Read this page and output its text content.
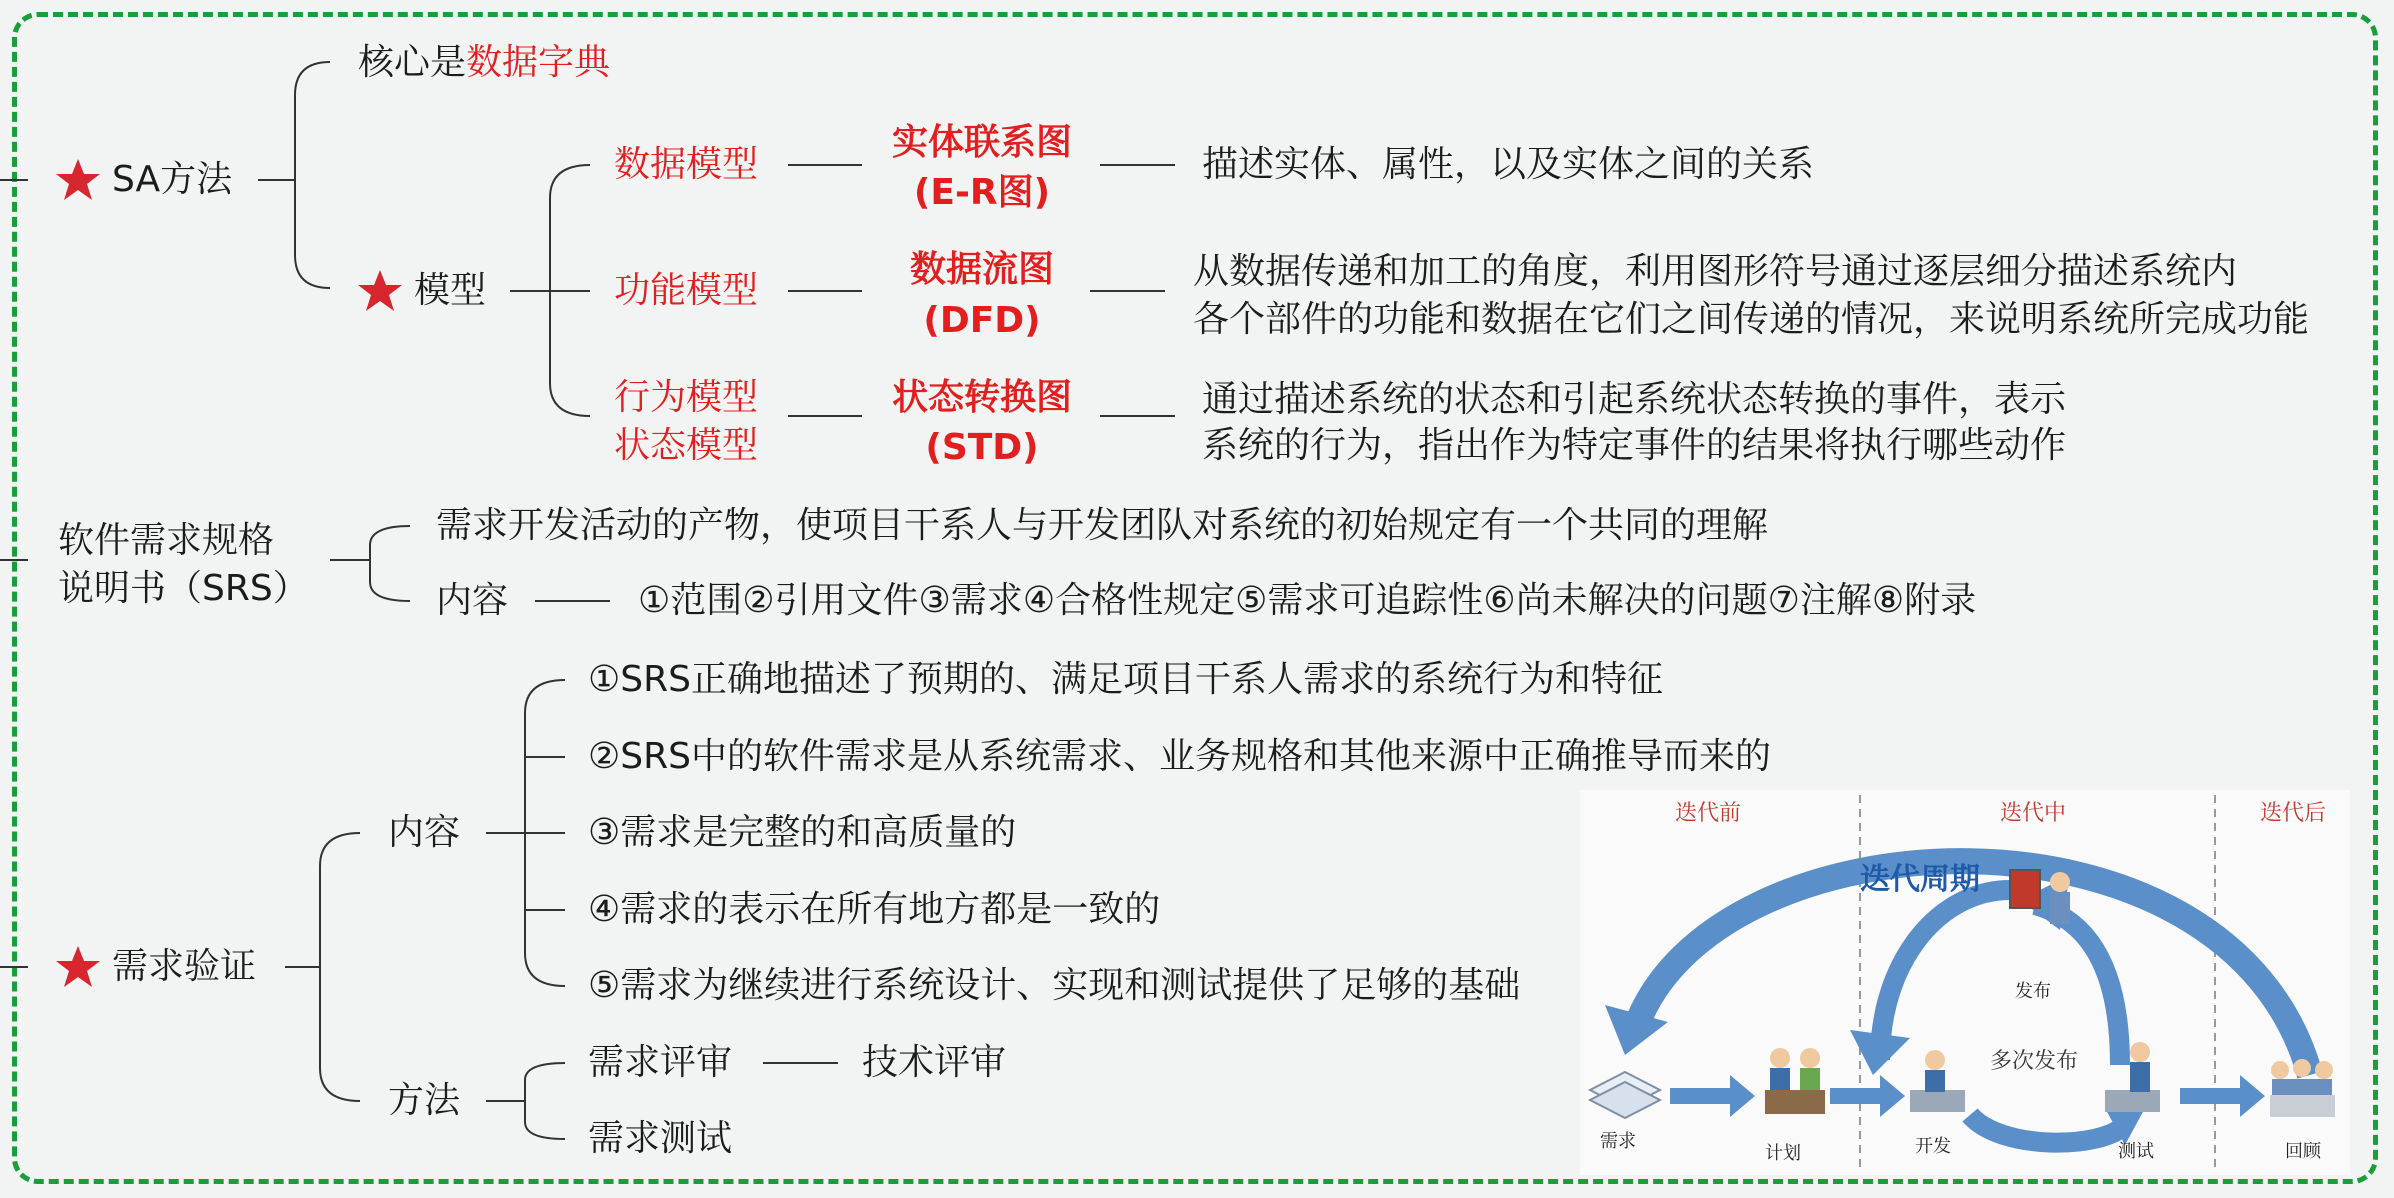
SA方法
核心是数据字典
模型
数据模型
实体联系图
(E-R图)
描述实体、属性，以及实体之间的关系
功能模型
数据流图
(DFD)
从数据传递和加工的角度，利用图形符号通过逐层细分描述系统内
各个部件的功能和数据在它们之间传递的情况，来说明系统所完成功能
行为模型
状态模型
状态转换图
(STD)
通过描述系统的状态和引起系统状态转换的事件，表示
系统的行为，指出作为特定事件的结果将执行哪些动作
软件需求规格
说明书（SRS）
需求开发活动的产物，使项目干系人与开发团队对系统的初始规定有一个共同的理解
内容	①范围②引用文件③需求④合格性规定⑤需求可追踪性⑥尚未解决的问题⑦注解⑧附录
需求验证
内容
①SRS正确地描述了预期的、满足项目干系人需求的系统行为和特征
②SRS中的软件需求是从系统需求、业务规格和其他来源中正确推导而来的
③需求是完整的和高质量的
④需求的表示在所有地方都是一致的
⑤需求为继续进行系统设计、实现和测试提供了足够的基础
方法
需求评审	技术评审
需求测试
迭代前	迭代中	迭代后
迭代周期
发布
多次发布
需求
计划	开发	测试	回顾
